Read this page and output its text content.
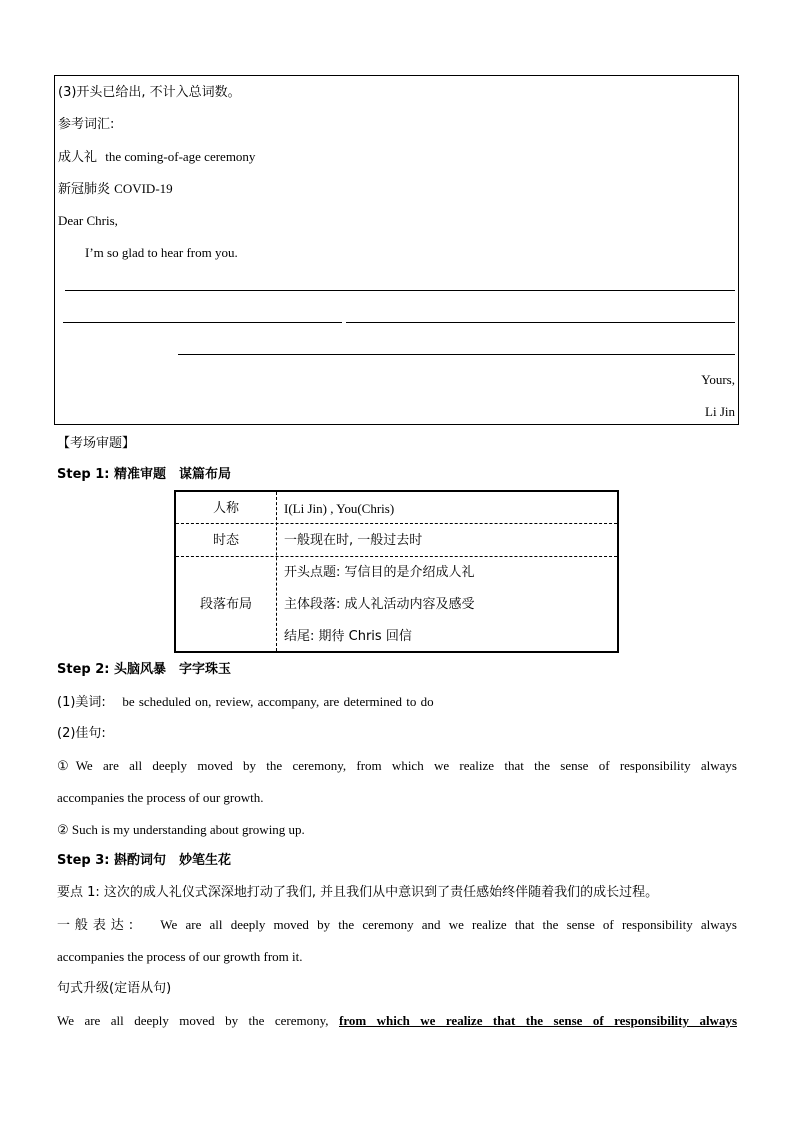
(3)开头已给出, 不计入总词数。
参考词汇:
成人礼 the coming-of-age ceremony
新冠肺炎 COVID-19
Dear Chris,
I’m so glad to hear from you.
Yours,
Li Jin
【考场审题】
Step 1: 精准审题　谋篇布局
人称	I(Li Jin) , You(Chris)
时态	一般现在时, 一般过去时
段落布局
开头点题: 写信目的是介绍成人礼
主体段落: 成人礼活动内容及感受
结尾: 期待 Chris 回信
Step 2: 头脑风暴　字字珠玉
(1)美词: be scheduled on, review, accompany, are determined to do
(2)佳句:
①We are all deeply moved by the ceremony, from which we realize that the sense of responsibility always
accompanies the process of our growth.
② Such is my understanding about growing up.
Step 3: 斟酌词句　妙笔生花
要点 1: 这次的成人礼仪式深深地打动了我们, 并且我们从中意识到了责任感始终伴随着我们的成长过程。
一般表达: We are all deeply moved by the ceremony and we realize that the sense of responsibility always
accompanies the process of our growth from it.
句式升级(定语从句)
We are all deeply moved by the ceremony, from which we realize that the sense of responsibility always
